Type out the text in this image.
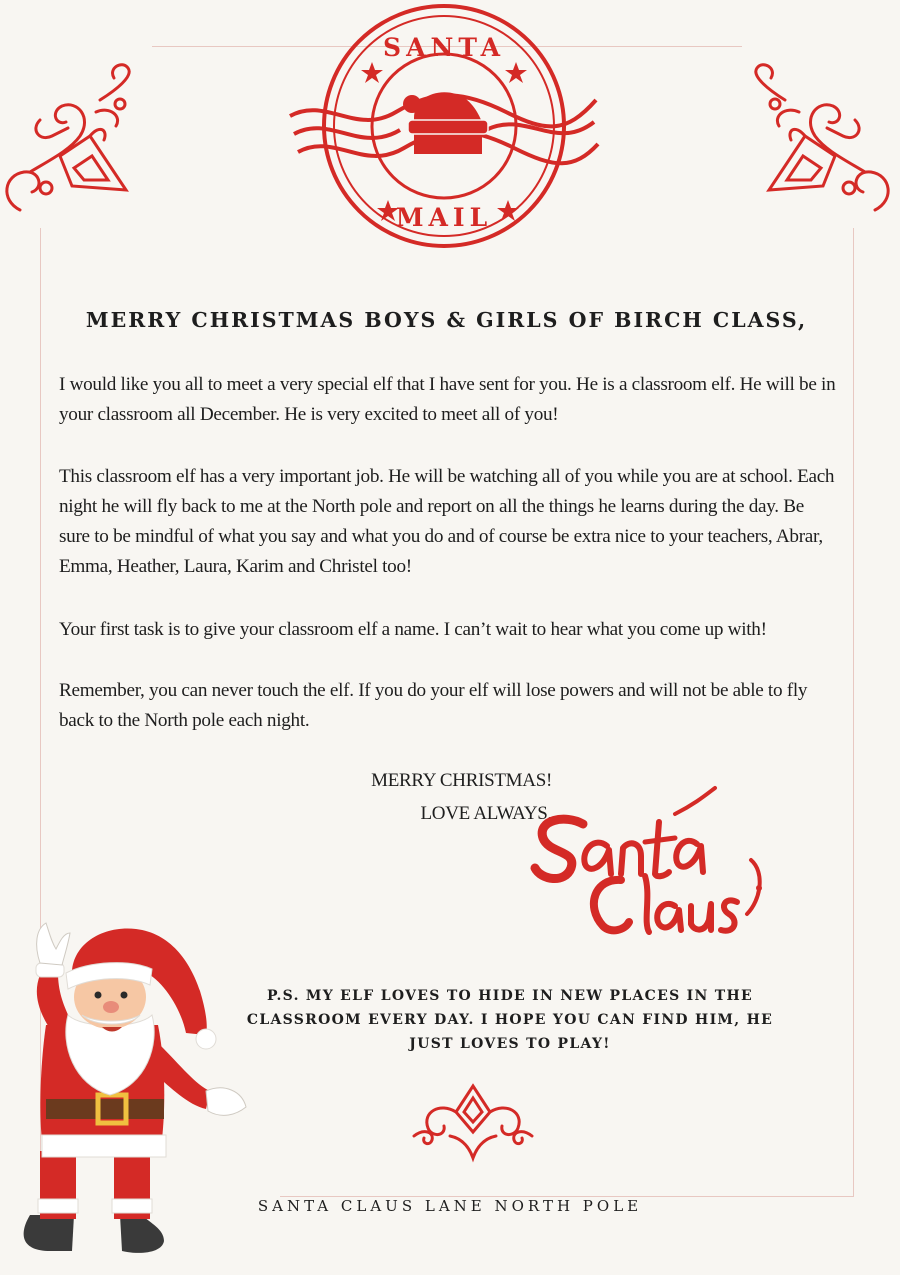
SANTA
MAIL
MERRY CHRISTMAS BOYS & GIRLS OF BIRCH CLASS,

I would like you all to meet a very special elf that I have sent for you. He is a classroom elf. He will be in your classroom all December. He is very excited to meet all of you!

This classroom elf has a very important job. He will be watching all of you while you are at school. Each night he will fly back to me at the North pole and report on all the things he learns during the day. Be sure to be mindful of what you say and what you do and of course be extra nice to your teachers, Abrar, Emma, Heather, Laura, Karim and Christel too!

Your first task is to give your classroom elf a name. I can’t wait to hear what you come up with!

Remember, you can never touch the elf. If you do your elf will lose powers and will not be able to fly back to the North pole each night.

MERRY CHRISTMAS!

LOVE ALWAYS,

P.S. MY ELF LOVES TO HIDE IN NEW PLACES IN THE CLASSROOM EVERY DAY. I HOPE YOU CAN FIND HIM, HE JUST LOVES TO PLAY!

SANTA CLAUS LANE NORTH POLE
